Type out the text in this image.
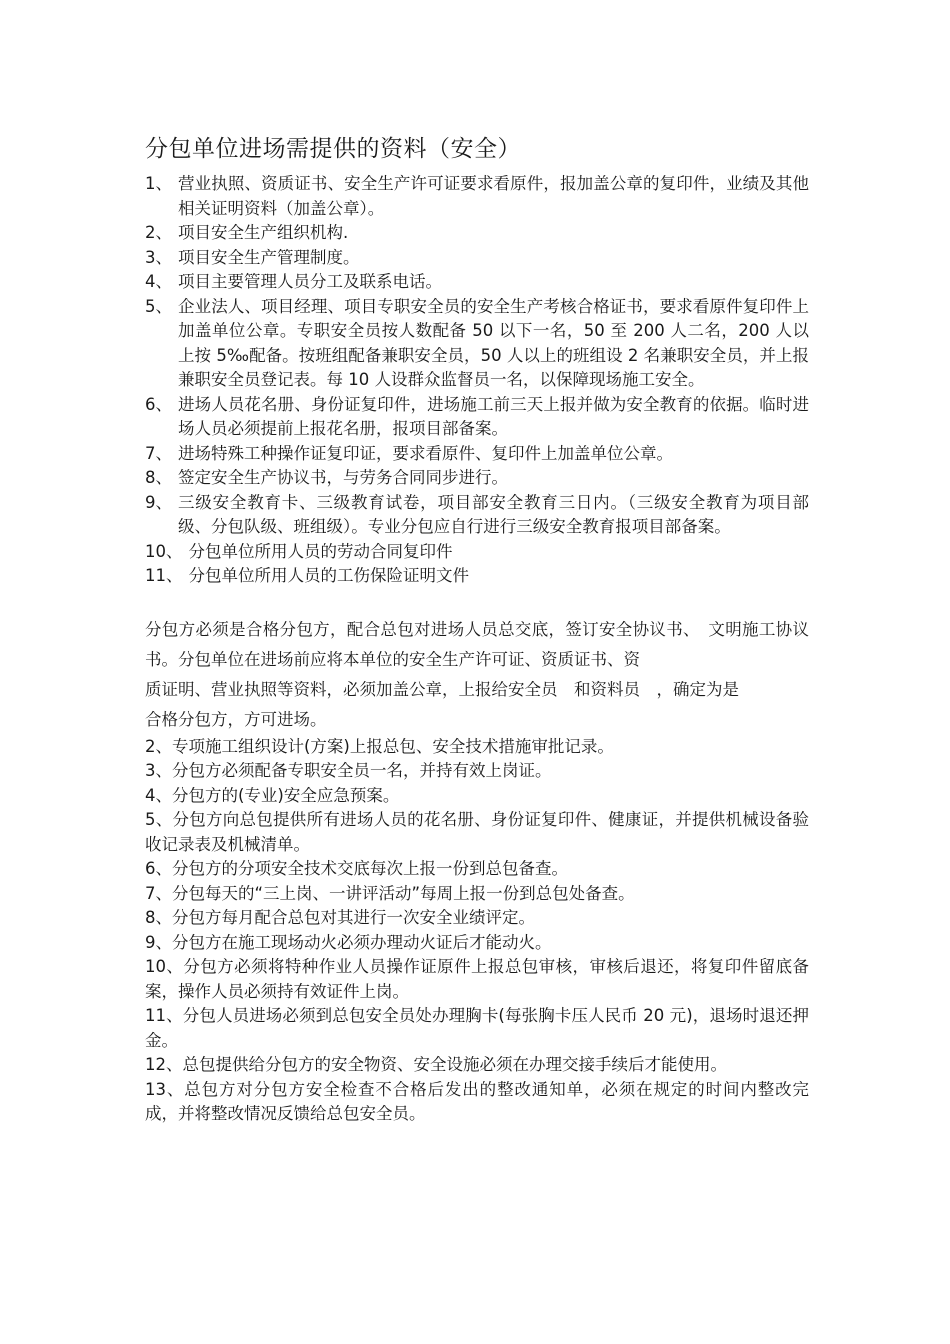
分包单位进场需提供的资料（安全）
1、 营业执照、资质证书、安全生产许可证要求看原件，报加盖公章的复印件，业绩及其他相关证明资料（加盖公章）。
2、 项目安全生产组织机构.
3、 项目安全生产管理制度。
4、 项目主要管理人员分工及联系电话。
5、 企业法人、项目经理、项目专职安全员的安全生产考核合格证书，要求看原件复印件上加盖单位公章。专职安全员按人数配备 50 以下一名，50 至 200 人二名，200 人以上按 5‰配备。按班组配备兼职安全员，50 人以上的班组设 2 名兼职安全员，并上报兼职安全员登记表。每 10 人设群众监督员一名，以保障现场施工安全。
6、 进场人员花名册、身份证复印件，进场施工前三天上报并做为安全教育的依据。临时进场人员必须提前上报花名册，报项目部备案。
7、 进场特殊工种操作证复印证，要求看原件、复印件上加盖单位公章。
8、 签定安全生产协议书，与劳务合同同步进行。
9、 三级安全教育卡、三级教育试卷，项目部安全教育三日内。（三级安全教育为项目部级、分包队级、班组级）。专业分包应自行进行三级安全教育报项目部备案。
10、 分包单位所用人员的劳动合同复印件
11、 分包单位所用人员的工伤保险证明文件
分包方必须是合格分包方，配合总包对进场人员总交底，签订安全协议书、　文明施工协议书。分包单位在进场前应将本单位的安全生产许可证、资质证书、资
质证明、营业执照等资料，必须加盖公章，上报给安全员　和资料员　，确定为是
合格分包方，方可进场。
2、专项施工组织设计(方案)上报总包、安全技术措施审批记录。
3、分包方必须配备专职安全员一名，并持有效上岗证。
4、分包方的(专业)安全应急预案。
5、分包方向总包提供所有进场人员的花名册、身份证复印件、健康证，并提供机械设备验收记录表及机械清单。
6、分包方的分项安全技术交底每次上报一份到总包备查。
7、分包每天的“三上岗、一讲评活动”每周上报一份到总包处备查。
8、分包方每月配合总包对其进行一次安全业绩评定。
9、分包方在施工现场动火必须办理动火证后才能动火。
10、分包方必须将特种作业人员操作证原件上报总包审核，审核后退还，将复印件留底备案，操作人员必须持有效证件上岗。
11、分包人员进场必须到总包安全员处办理胸卡(每张胸卡压人民币 20 元)，退场时退还押金。
12、总包提供给分包方的安全物资、安全设施必须在办理交接手续后才能使用。
13、总包方对分包方安全检查不合格后发出的整改通知单，必须在规定的时间内整改完成，并将整改情况反馈给总包安全员。
